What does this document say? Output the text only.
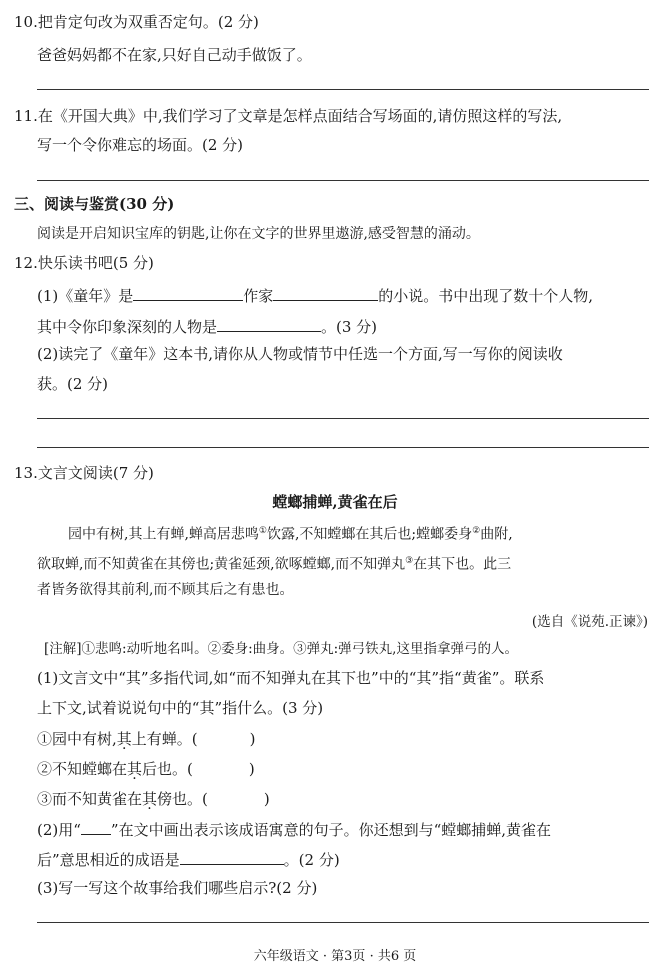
10.把肯定句改为双重否定句。(2 分)
爸爸妈妈都不在家,只好自己动手做饭了。
11.在《开国大典》中,我们学习了文章是怎样点面结合写场面的,请仿照这样的写法,
写一个令你难忘的场面。(2 分)
三、阅读与鉴赏(30 分)
阅读是开启知识宝库的钥匙,让你在文字的世界里遨游,感受智慧的涌动。
12.快乐读书吧(5 分)
(1)《童年》是	作家	的小说。书中出现了数十个人物,
其中令你印象深刻的人物是	。(3 分)
(2)读完了《童年》这本书,请你从人物或情节中任选一个方面,写一写你的阅读收
获。(2 分)
13.文言文阅读(7 分)
螳螂捕蝉,黄雀在后
园中有树,其上有蝉,蝉高居悲鸣①饮露,不知螳螂在其后也;螳螂委身②曲附,
欲取蝉,而不知黄雀在其傍也;黄雀延颈,欲啄螳螂,而不知弹丸③在其下也。此三
者皆务欲得其前利,而不顾其后之有患也。
(选自《说苑.正谏》)
[注解]①悲鸣:动听地名叫。②委身:曲身。③弹丸:弹弓铁丸,这里指拿弹弓的人。
(1)文言文中“其”多指代词,如“而不知弹丸在其下也”中的“其”指“黄雀”。联系
上下文,试着说说句中的“其”指什么。(3 分)
①园中有树,其上有蝉。(	)
②不知螳螂在其后也。(	)
③而不知黄雀在其傍也。(	)
(2)用“ ”在文中画出表示该成语寓意的句子。你还想到与“螳螂捕蝉,黄雀在
后”意思相近的成语是	。(2 分)
(3)写一写这个故事给我们哪些启示?(2 分)
六年级语文 · 第3页 · 共6 页
